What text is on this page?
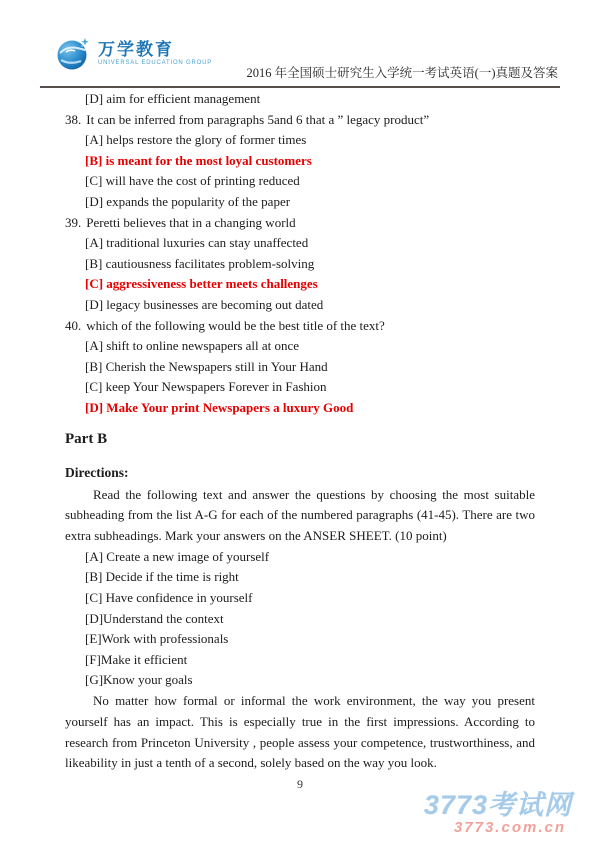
万学教育
UNIVERSAL EDUCATION GROUP
2016 年全国硕士研究生入学统一考试英语(一)真题及答案
[D] aim for efficient management
38. It can be inferred from paragraphs 5and 6 that a ” legacy product”
[A] helps restore the glory of former times
[B] is meant for the most loyal customers
[C] will have the cost of printing reduced
[D] expands the popularity of the paper
39. Peretti believes that in a changing world
[A] traditional luxuries can stay unaffected
[B] cautiousness facilitates problem-solving
[C] aggressiveness better meets challenges
[D] legacy businesses are becoming out dated
40. which of the following would be the best title of the text?
[A] shift to online newspapers all at once
[B] Cherish the Newspapers still in Your Hand
[C] keep Your Newspapers Forever in Fashion
[D] Make Your print Newspapers a luxury Good
Part B
Directions:
Read the following text and answer the questions by choosing the most suitable subheading from the list A-G for each of the numbered paragraphs (41-45). There are two extra subheadings. Mark your answers on the ANSER SHEET. (10 point)
[A] Create a new image of yourself
[B] Decide if the time is right
[C] Have confidence in yourself
[D]Understand the context
[E]Work with professionals
[F]Make it efficient
[G]Know your goals
No matter how formal or informal the work environment, the way you present yourself has an impact. This is especially true in the first impressions. According to research from Princeton University , people assess your competence, trustworthiness, and likeability in just a tenth of a second, solely based on the way you look.
9
3773考试网
3773.com.cn
